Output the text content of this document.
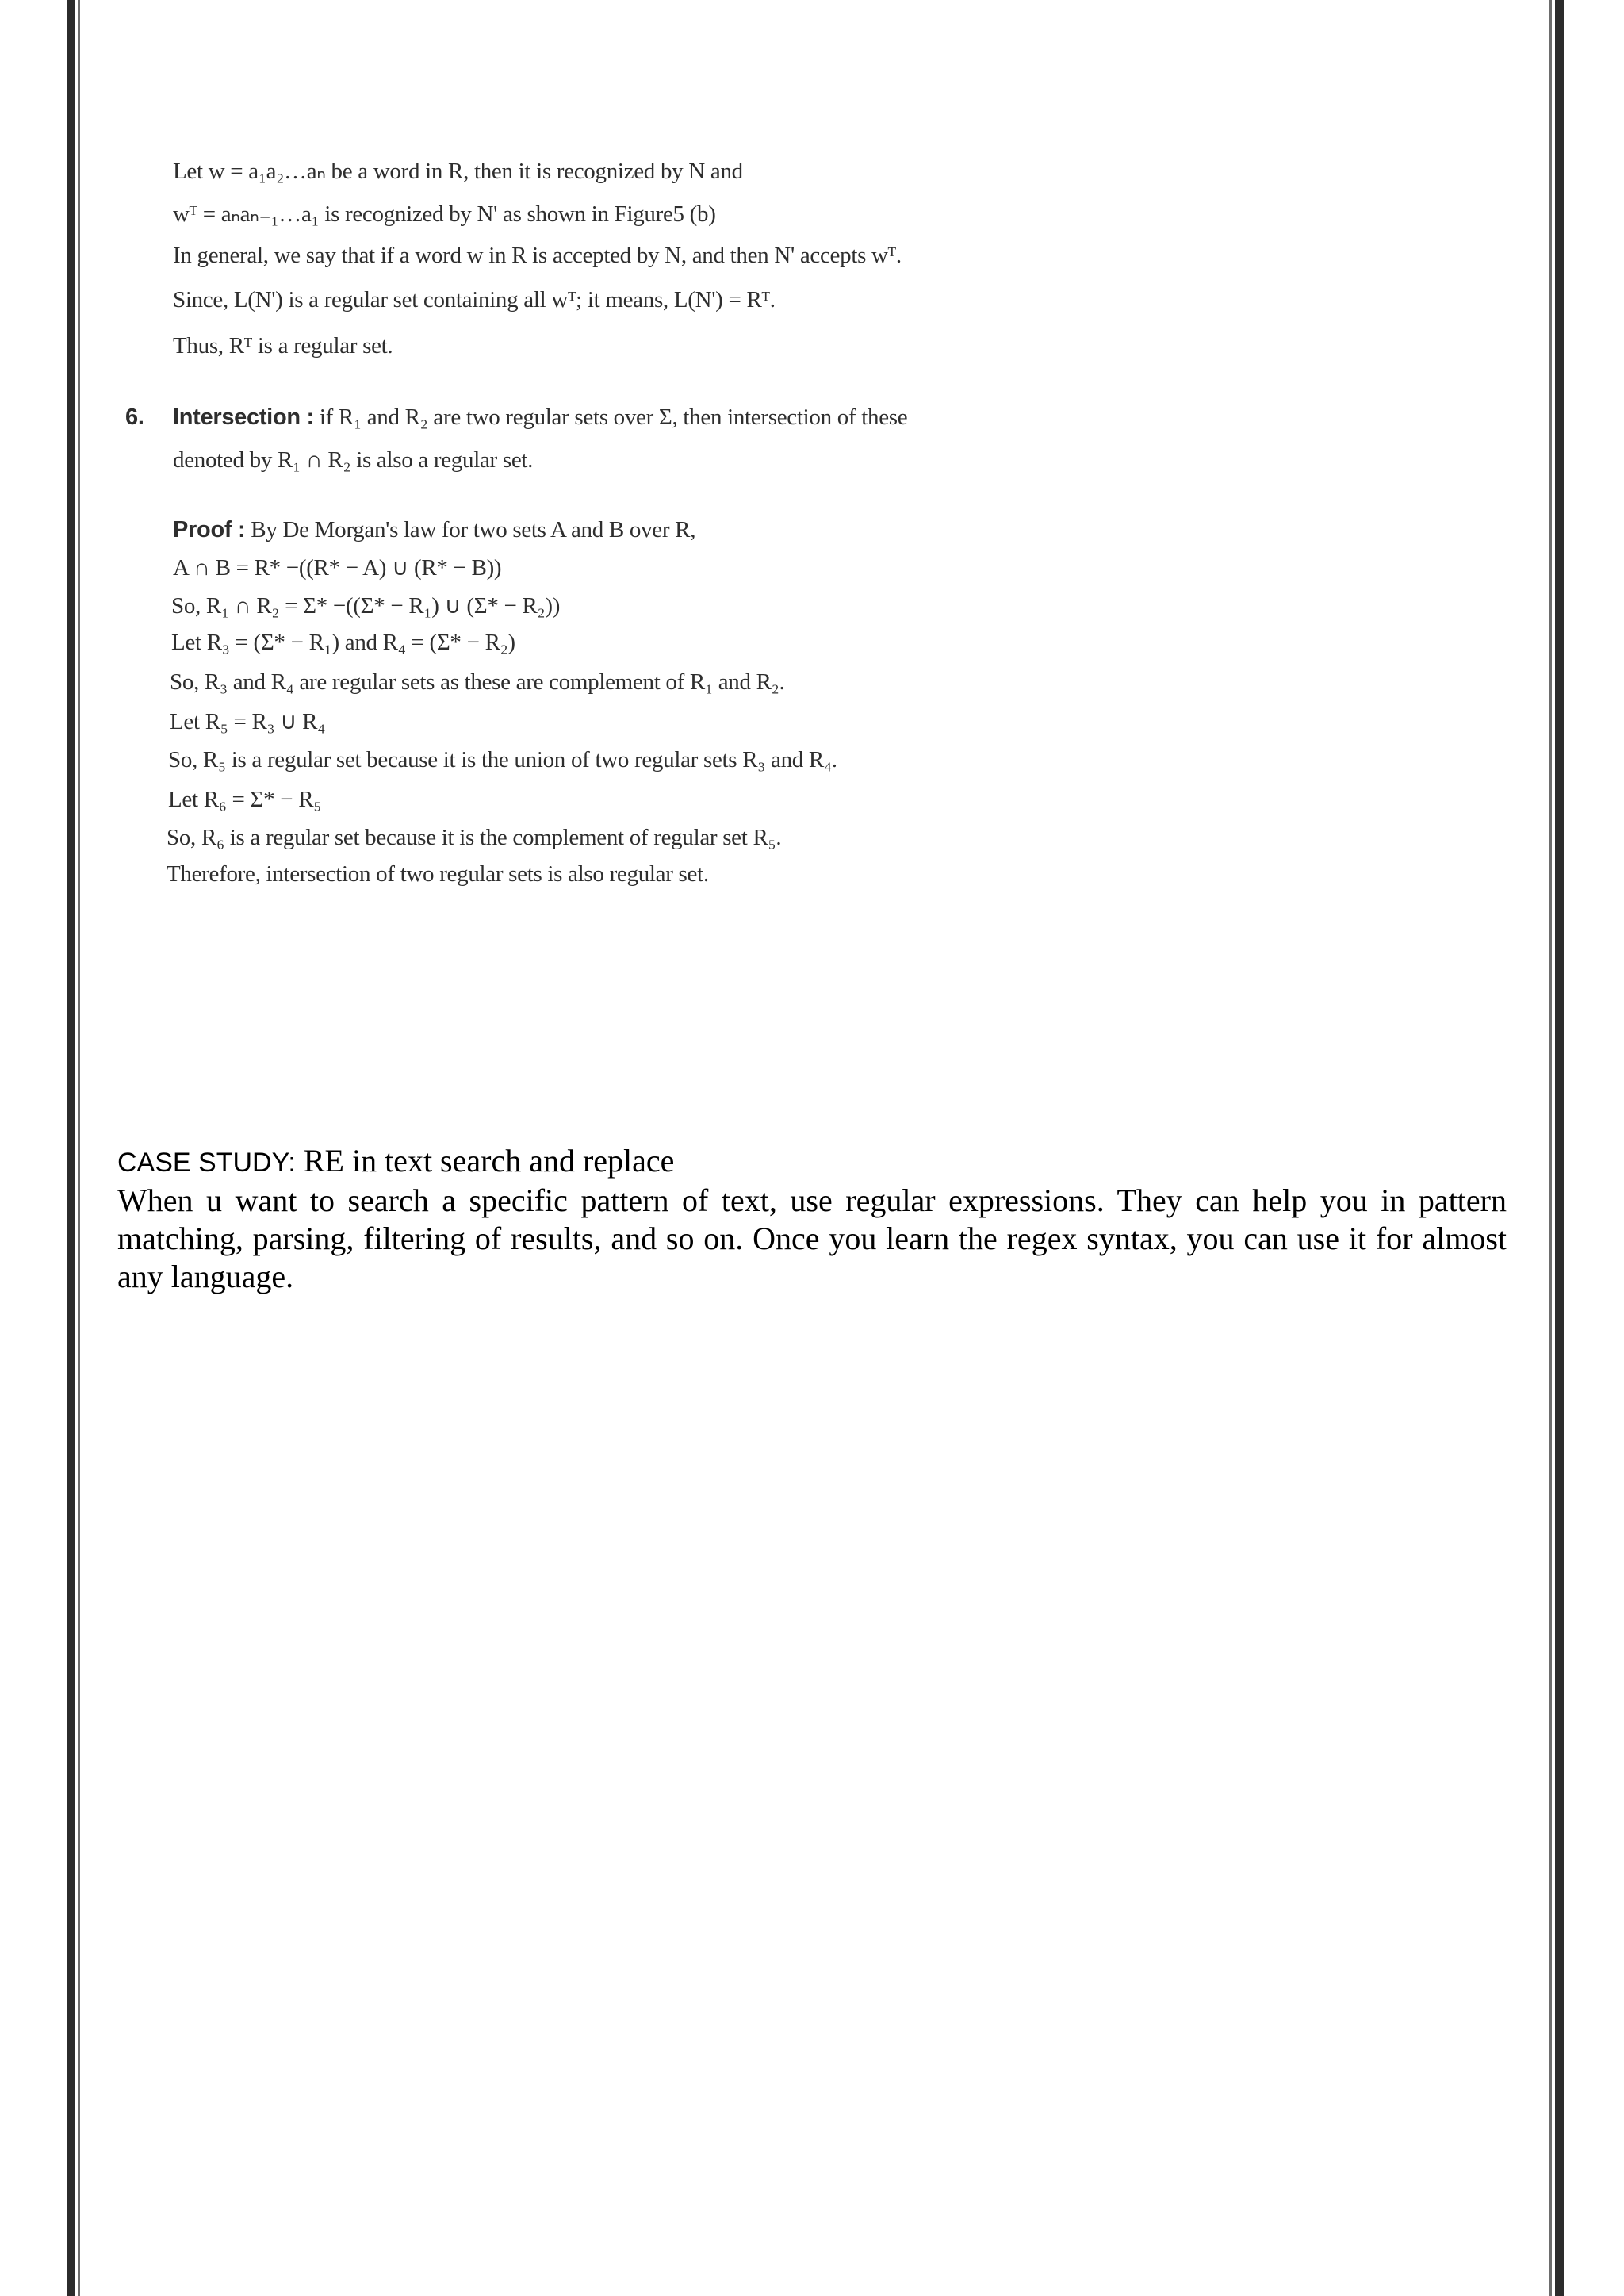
Let w = a₁a₂…aₙ be a word in R, then it is recognized by N and
wᵀ = aₙaₙ₋₁…a₁ is recognized by N' as shown in Figure5 (b)
In general, we say that if a word w in R is accepted by N, and then N' accepts wᵀ.
Since, L(N') is a regular set containing all wᵀ; it means, L(N') = Rᵀ.
Thus, Rᵀ is a regular set.
6. Intersection : if R₁ and R₂ are two regular sets over Σ, then intersection of these
denoted by R₁ ∩ R₂ is also a regular set.
Proof : By De Morgan's law for two sets A and B over R,
A ∩ B = R* −((R* − A) ∪ (R* − B))
So, R₁ ∩ R₂ = Σ* −((Σ* − R₁) ∪ (Σ* − R₂))
Let R₃ = (Σ* − R₁) and R₄ = (Σ* − R₂)
So, R₃ and R₄ are regular sets as these are complement of R₁ and R₂.
Let R₅ = R₃ ∪ R₄
So, R₅ is a regular set because it is the union of two regular sets R₃ and R₄.
Let R₆ = Σ* − R₅
So, R₆ is a regular set because it is the complement of regular set R₅.
Therefore, intersection of two regular sets is also regular set.
CASE STUDY: RE in text search and replace
When u want to search a specific pattern of text, use regular expressions. They can help you in pattern matching, parsing, filtering of results, and so on. Once you learn the regex syntax, you can use it for almost any language.
